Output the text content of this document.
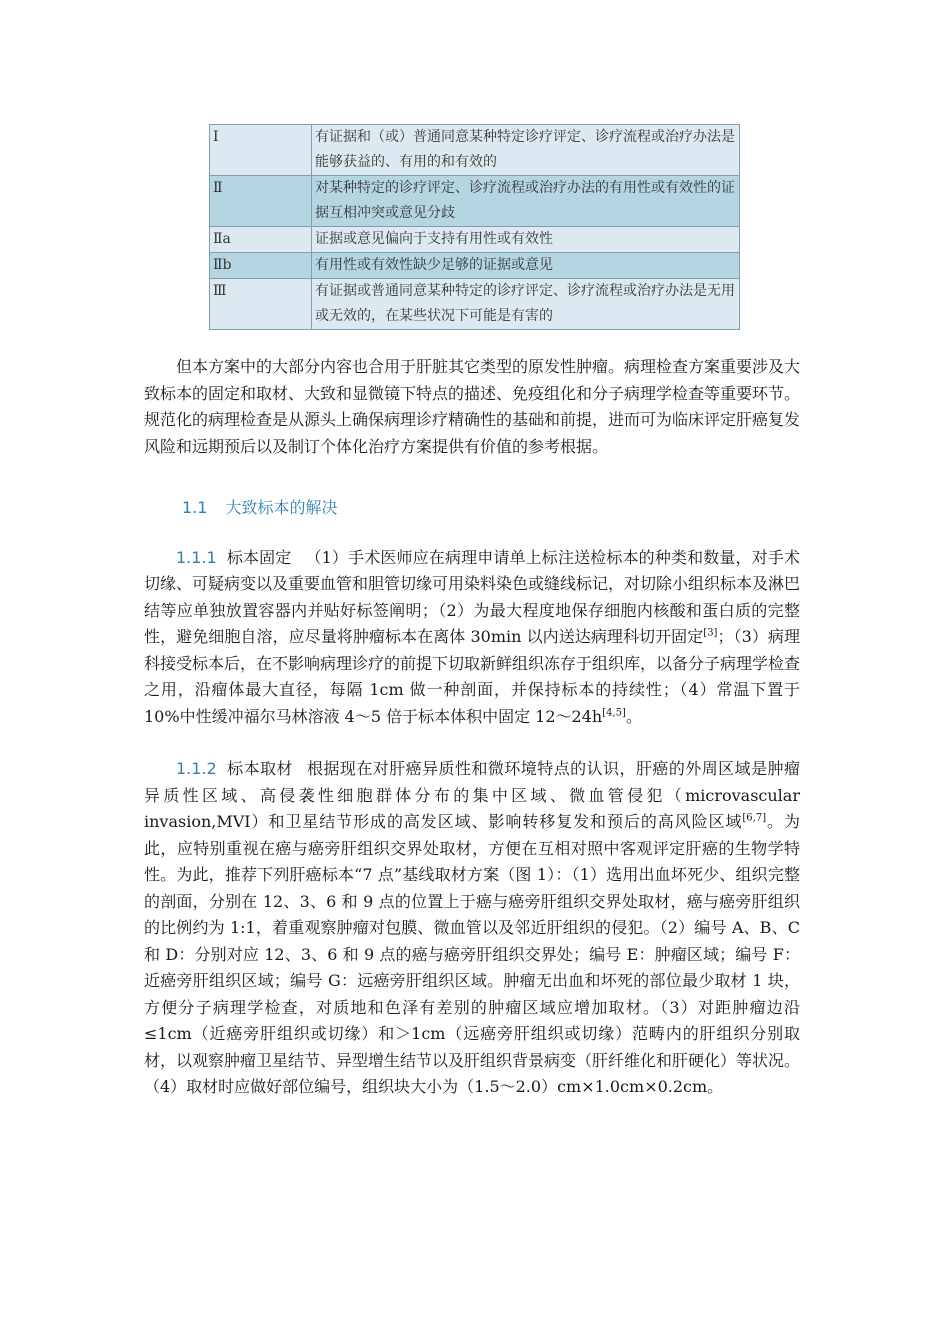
Ⅰ	有证据和（或）普通同意某种特定诊疗评定、诊疗流程或治疗办法是能够获益的、有用的和有效的
Ⅱ	对某种特定的诊疗评定、诊疗流程或治疗办法的有用性或有效性的证据互相冲突或意见分歧
Ⅱa	证据或意见偏向于支持有用性或有效性
Ⅱb	有用性或有效性缺少足够的证据或意见
Ⅲ	有证据或普通同意某种特定的诊疗评定、诊疗流程或治疗办法是无用或无效的，在某些状况下可能是有害的

但本方案中的大部分内容也合用于肝脏其它类型的原发性肿瘤。病理检查方案重要涉及大致标本的固定和取材、大致和显微镜下特点的描述、免疫组化和分子病理学检查等重要环节。规范化的病理检查是从源头上确保病理诊疗精确性的基础和前提，进而可为临床评定肝癌复发风险和远期预后以及制订个体化治疗方案提供有价值的参考根据。

1.1 大致标本的解决

1.1.1 标本固定 （1）手术医师应在病理申请单上标注送检标本的种类和数量，对手术切缘、可疑病变以及重要血管和胆管切缘可用染料染色或缝线标记，对切除小组织标本及淋巴结等应单独放置容器内并贴好标签阐明；（2）为最大程度地保存细胞内核酸和蛋白质的完整性，避免细胞自溶，应尽量将肿瘤标本在离体 30min 以内送达病理科切开固定[3]；（3）病理科接受标本后，在不影响病理诊疗的前提下切取新鲜组织冻存于组织库，以备分子病理学检查之用，沿瘤体最大直径，每隔 1cm 做一种剖面，并保持标本的持续性；（4）常温下置于 10%中性缓冲福尔马林溶液 4～5 倍于标本体积中固定 12～24h[4,5]。

1.1.2 标本取材 根据现在对肝癌异质性和微环境特点的认识，肝癌的外周区域是肿瘤异质性区域、高侵袭性细胞群体分布的集中区域、微血管侵犯（microvascular invasion,MVI）和卫星结节形成的高发区域、影响转移复发和预后的高风险区域[6,7]。为此，应特别重视在癌与癌旁肝组织交界处取材，方便在互相对照中客观评定肝癌的生物学特性。为此，推荐下列肝癌标本“7 点”基线取材方案（图 1）：（1）选用出血坏死少、组织完整的剖面，分别在 12、3、6 和 9 点的位置上于癌与癌旁肝组织交界处取材，癌与癌旁肝组织的比例约为 1:1，着重观察肿瘤对包膜、微血管以及邻近肝组织的侵犯。（2）编号 A、B、C 和 D：分别对应 12、3、6 和 9 点的癌与癌旁肝组织交界处；编号 E：肿瘤区域；编号 F：近癌旁肝组织区域；编号 G：远癌旁肝组织区域。肿瘤无出血和坏死的部位最少取材 1 块，方便分子病理学检查，对质地和色泽有差别的肿瘤区域应增加取材。（3）对距肿瘤边沿≤1cm（近癌旁肝组织或切缘）和＞1cm（远癌旁肝组织或切缘）范畴内的肝组织分别取材，以观察肿瘤卫星结节、异型增生结节以及肝组织背景病变（肝纤维化和肝硬化）等状况。（4）取材时应做好部位编号，组织块大小为（1.5～2.0）cm×1.0cm×0.2cm。
